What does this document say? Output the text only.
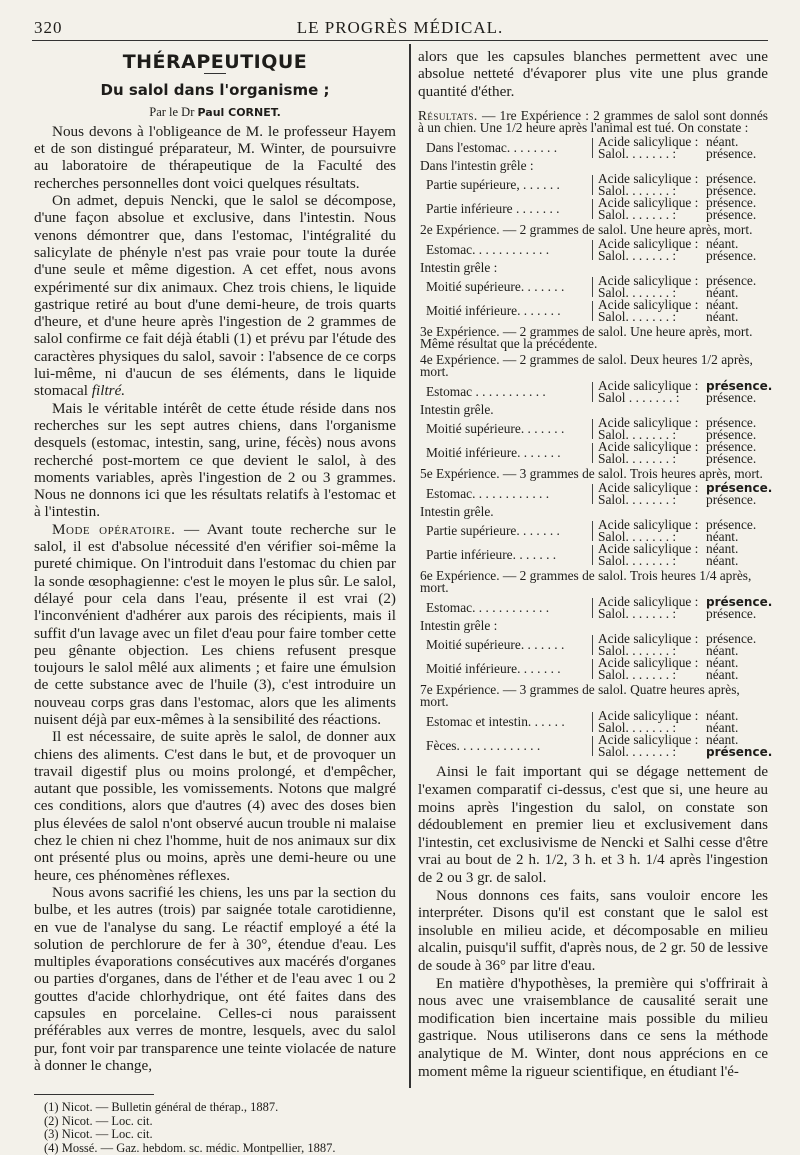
320	LE PROGRÈS MÉDICAL.
THÉRAPEUTIQUE
Du salol dans l'organisme ;
Par le Dr Paul CORNET.

Nous devons à l'obligeance de M. le professeur Hayem et de son distingué préparateur, M. Winter, de poursuivre au laboratoire de thérapeutique de la Faculté des recherches personnelles dont voici quelques résultats.

On admet, depuis Nencki, que le salol se décompose, d'une façon absolue et exclusive, dans l'intestin. Nous venons démontrer que, dans l'estomac, l'intégralité du salicylate de phényle n'est pas vraie pour toute la durée d'une seule et même digestion. A cet effet, nous avons expérimenté sur dix animaux. Chez trois chiens, le liquide gastrique retiré au bout d'une demi-heure, de trois quarts d'heure, et d'une heure après l'ingestion de 2 grammes de salol confirme ce fait déjà établi (1) et prévu par l'étude des caractères physiques du salol, savoir : l'absence de ce corps lui-même, ni d'aucun de ses éléments, dans le liquide stomacal filtré.

Mais le véritable intérêt de cette étude réside dans nos recherches sur les sept autres chiens, dans l'organisme desquels (estomac, intestin, sang, urine, fécès) nous avons recherché post-mortem ce que devient le salol, à des moments variables, après l'ingestion de 2 ou 3 grammes. Nous ne donnons ici que les résultats relatifs à l'estomac et à l'intestin.

Mode opératoire. — Avant toute recherche sur le salol, il est d'absolue nécessité d'en vérifier soi-même la pureté chimique. On l'introduit dans l'estomac du chien par la sonde œsophagienne: c'est le moyen le plus sûr. Le salol, délayé pour cela dans l'eau, présente il est vrai (2) l'inconvénient d'adhérer aux parois des récipients, mais il suffit d'un lavage avec un filet d'eau pour faire tomber cette peu gênante objection. Les chiens refusent presque toujours le salol mêlé aux aliments ; et faire une émulsion de cette substance avec de l'huile (3), c'est introduire un nouveau corps gras dans l'estomac, alors que les aliments nuisent déjà par eux-mêmes à la sensibilité des réactions.

Il est nécessaire, de suite après le salol, de donner aux chiens des aliments. C'est dans le but, et de provoquer un travail digestif plus ou moins prolongé, et d'empêcher, autant que possible, les vomissements. Notons que malgré ces conditions, alors que d'autres (4) avec des doses bien plus élevées de salol n'ont observé aucun trouble ni malaise chez le chien ni chez l'homme, huit de nos animaux sur dix ont présenté plus ou moins, après une demi-heure ou une heure, ces phénomènes réflexes.

Nous avons sacrifié les chiens, les uns par la section du bulbe, et les autres (trois) par saignée totale carotidienne, en vue de l'analyse du sang. Le réactif employé a été la solution de perchlorure de fer à 30°, étendue d'eau. Les multiples évaporations consécutives aux macérés d'organes ou parties d'organes, dans de l'éther et de l'eau avec 1 ou 2 gouttes d'acide chlorhydrique, ont été faites dans des capsules en porcelaine. Celles-ci nous paraissent préférables aux verres de montre, lesquels, avec du salol pur, font voir par transparence une teinte violacée de nature à donner le change,

(1) Nicot. — Bulletin général de thérap., 1887.
(2) Nicot. — Loc. cit.
(3) Nicot. — Loc. cit.
(4) Mossé. — Gaz. hebdom. sc. médic. Montpellier, 1887.

alors que les capsules blanches permettent avec une absolue netteté d'évaporer plus vite une plus grande quantité d'éther.

Résultats. — 1re Expérience : 2 grammes de salol sont donnés à un chien. Une 1/2 heure après l'animal est tué. On constate :

Dans l'estomac. . . . . . . .	Acide salicylique : néant.
Salol. . . . . . . : présence.
Dans l'intestin grêle :
Partie supérieure, . . . . . .	Acide salicylique : présence.
Salol. . . . . . . : présence.
Partie inférieure . . . . . . .	Acide salicylique : présence.
Salol. . . . . . . : présence.
2e Expérience. — 2 grammes de salol. Une heure après, mort.
Estomac. . . . . . . . . . . .	Acide salicylique : néant.
Salol. . . . . . . : présence.
Intestin grêle :
Moitié supérieure. . . . . . .	Acide salicylique : présence.
Salol. . . . . . . : néant.
Moitié inférieure. . . . . . .	Acide salicylique : néant.
Salol. . . . . . . : néant.
3e Expérience. — 2 grammes de salol. Une heure après, mort. Même résultat que la précédente.
4e Expérience. — 2 grammes de salol. Deux heures 1/2 après, mort.
Estomac . . . . . . . . . . .	Acide salicylique : présence.
Salol . . . . . . . : présence.
Intestin grêle.
Moitié supérieure. . . . . . .	Acide salicylique : présence.
Salol. . . . . . . : présence.
Moitié inférieure. . . . . . .	Acide salicylique : présence.
Salol. . . . . . . : présence.
5e Expérience. — 3 grammes de salol. Trois heures après, mort.
Estomac. . . . . . . . . . . .	Acide salicylique : présence.
Salol. . . . . . . : présence.
Intestin grêle.
Partie supérieure. . . . . . .	Acide salicylique : présence.
Salol. . . . . . . : néant.
Partie inférieure. . . . . . .	Acide salicylique : néant.
Salol. . . . . . . : néant.
6e Expérience. — 2 grammes de salol. Trois heures 1/4 après, mort.
Estomac. . . . . . . . . . . .	Acide salicylique : présence.
Salol. . . . . . . : présence.
Intestin grêle :
Moitié supérieure. . . . . . .	Acide salicylique : présence.
Salol. . . . . . . : néant.
Moitié inférieure. . . . . . .	Acide salicylique : néant.
Salol. . . . . . . : néant.
7e Expérience. — 3 grammes de salol. Quatre heures après, mort.
Estomac et intestin. . . . . . Acide salicylique : néant.
Salol. . . . . . . : néant.
Fèces. . . . . . . . . . . . .	Acide salicylique : néant.
Salol. . . . . . . : présence.

Ainsi le fait important qui se dégage nettement de l'examen comparatif ci-dessus, c'est que si, une heure au moins après l'ingestion du salol, on constate son dédoublement en premier lieu et exclusivement dans l'intestin, cet exclusivisme de Nencki et Salhi cesse d'être vrai au bout de 2 h. 1/2, 3 h. et 3 h. 1/4 après l'ingestion de 2 ou 3 gr. de salol.

Nous donnons ces faits, sans vouloir encore les interpréter. Disons qu'il est constant que le salol est insoluble en milieu acide, et décomposable en milieu alcalin, puisqu'il suffit, d'après nous, de 2 gr. 50 de lessive de soude à 36° par litre d'eau.

En matière d'hypothèses, la première qui s'offrirait à nous avec une vraisemblance de causalité serait une modification bien incertaine mais possible du milieu gastrique. Nous utiliserons dans ce sens la méthode analytique de M. Winter, dont nous apprécions en ce moment même la rigueur scientifique, en étudiant l'é-
